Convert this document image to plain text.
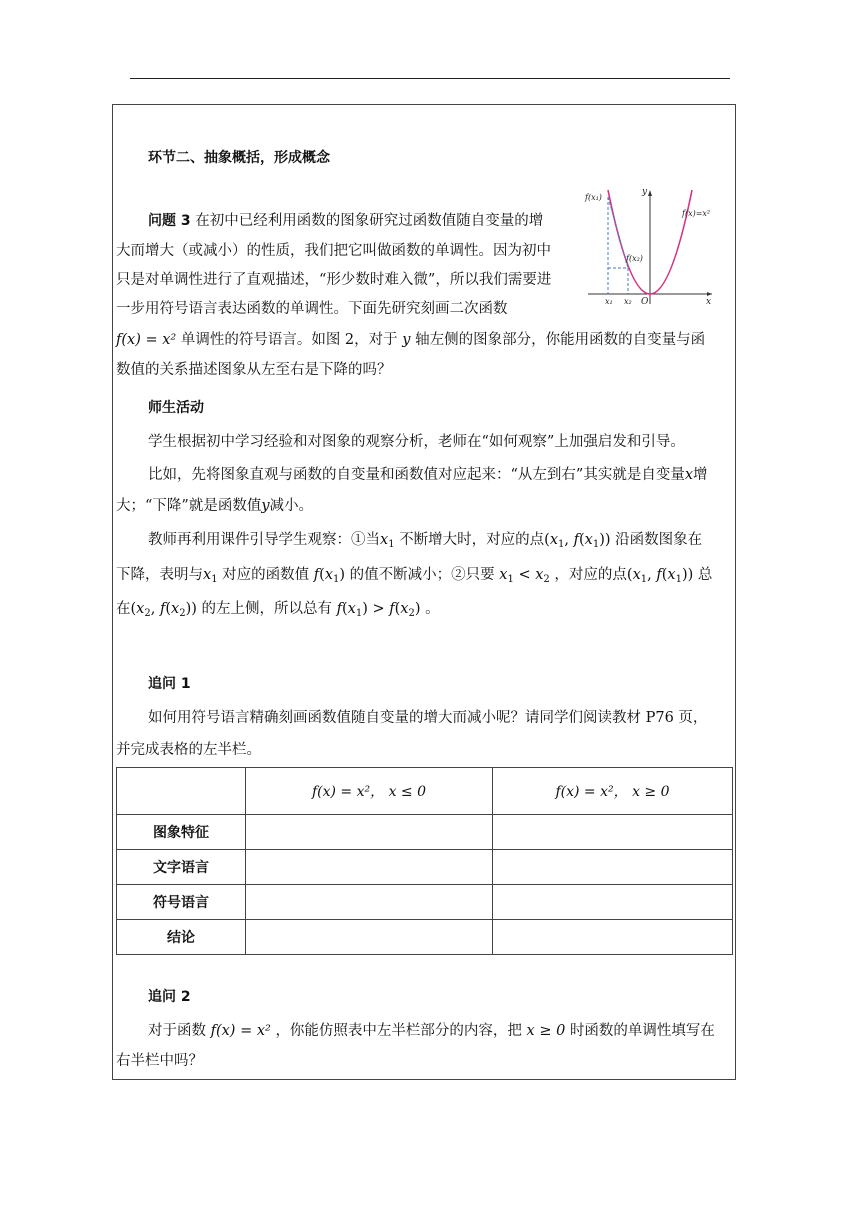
环节二、抽象概括，形成概念
问题 3 在初中已经利用函数的图象研究过函数值随自变量的增
大而增大（或减小）的性质，我们把它叫做函数的单调性。因为初中
只是对单调性进行了直观描述，“形少数时难入微”，所以我们需要进
一步用符号语言表达函数的单调性。下面先研究刻画二次函数
f(x) = x² 单调性的符号语言。如图 2，对于 y 轴左侧的图象部分，你能用函数的自变量与函
数值的关系描述图象从左至右是下降的吗？
f(x₁)
f(x₂)
f(x)=x²
y
x
O
x₁ x₂
师生活动
学生根据初中学习经验和对图象的观察分析，老师在“如何观察”上加强启发和引导。
比如，先将图象直观与函数的自变量和函数值对应起来：“从左到右”其实就是自变量x增
大；“下降”就是函数值y减小。
教师再利用课件引导学生观察：①当$x_1$ 不断增大时，对应的点($x_1$, $f(x_1)$) 沿函数图象在
下降，表明与$x_1$ 对应的函数值 $f(x_1)$ 的值不断减小；②只要 $x_1 < x_2$ ，对应的点($x_1$, $f(x_1)$) 总
在($x_2$, $f(x_2)$) 的左上侧，所以总有 $f(x_1) > f(x_2)$ 。
追问 1
如何用符号语言精确刻画函数值随自变量的增大而减小呢？请同学们阅读教材 P76 页，
并完成表格的左半栏。
	f(x) = x²， x ≤ 0	f(x) = x²， x ≥ 0
图象特征		
文字语言		
符号语言		
结论		
追问 2
对于函数 f(x) = x² ，你能仿照表中左半栏部分的内容，把 x ≥ 0 时函数的单调性填写在
右半栏中吗？
